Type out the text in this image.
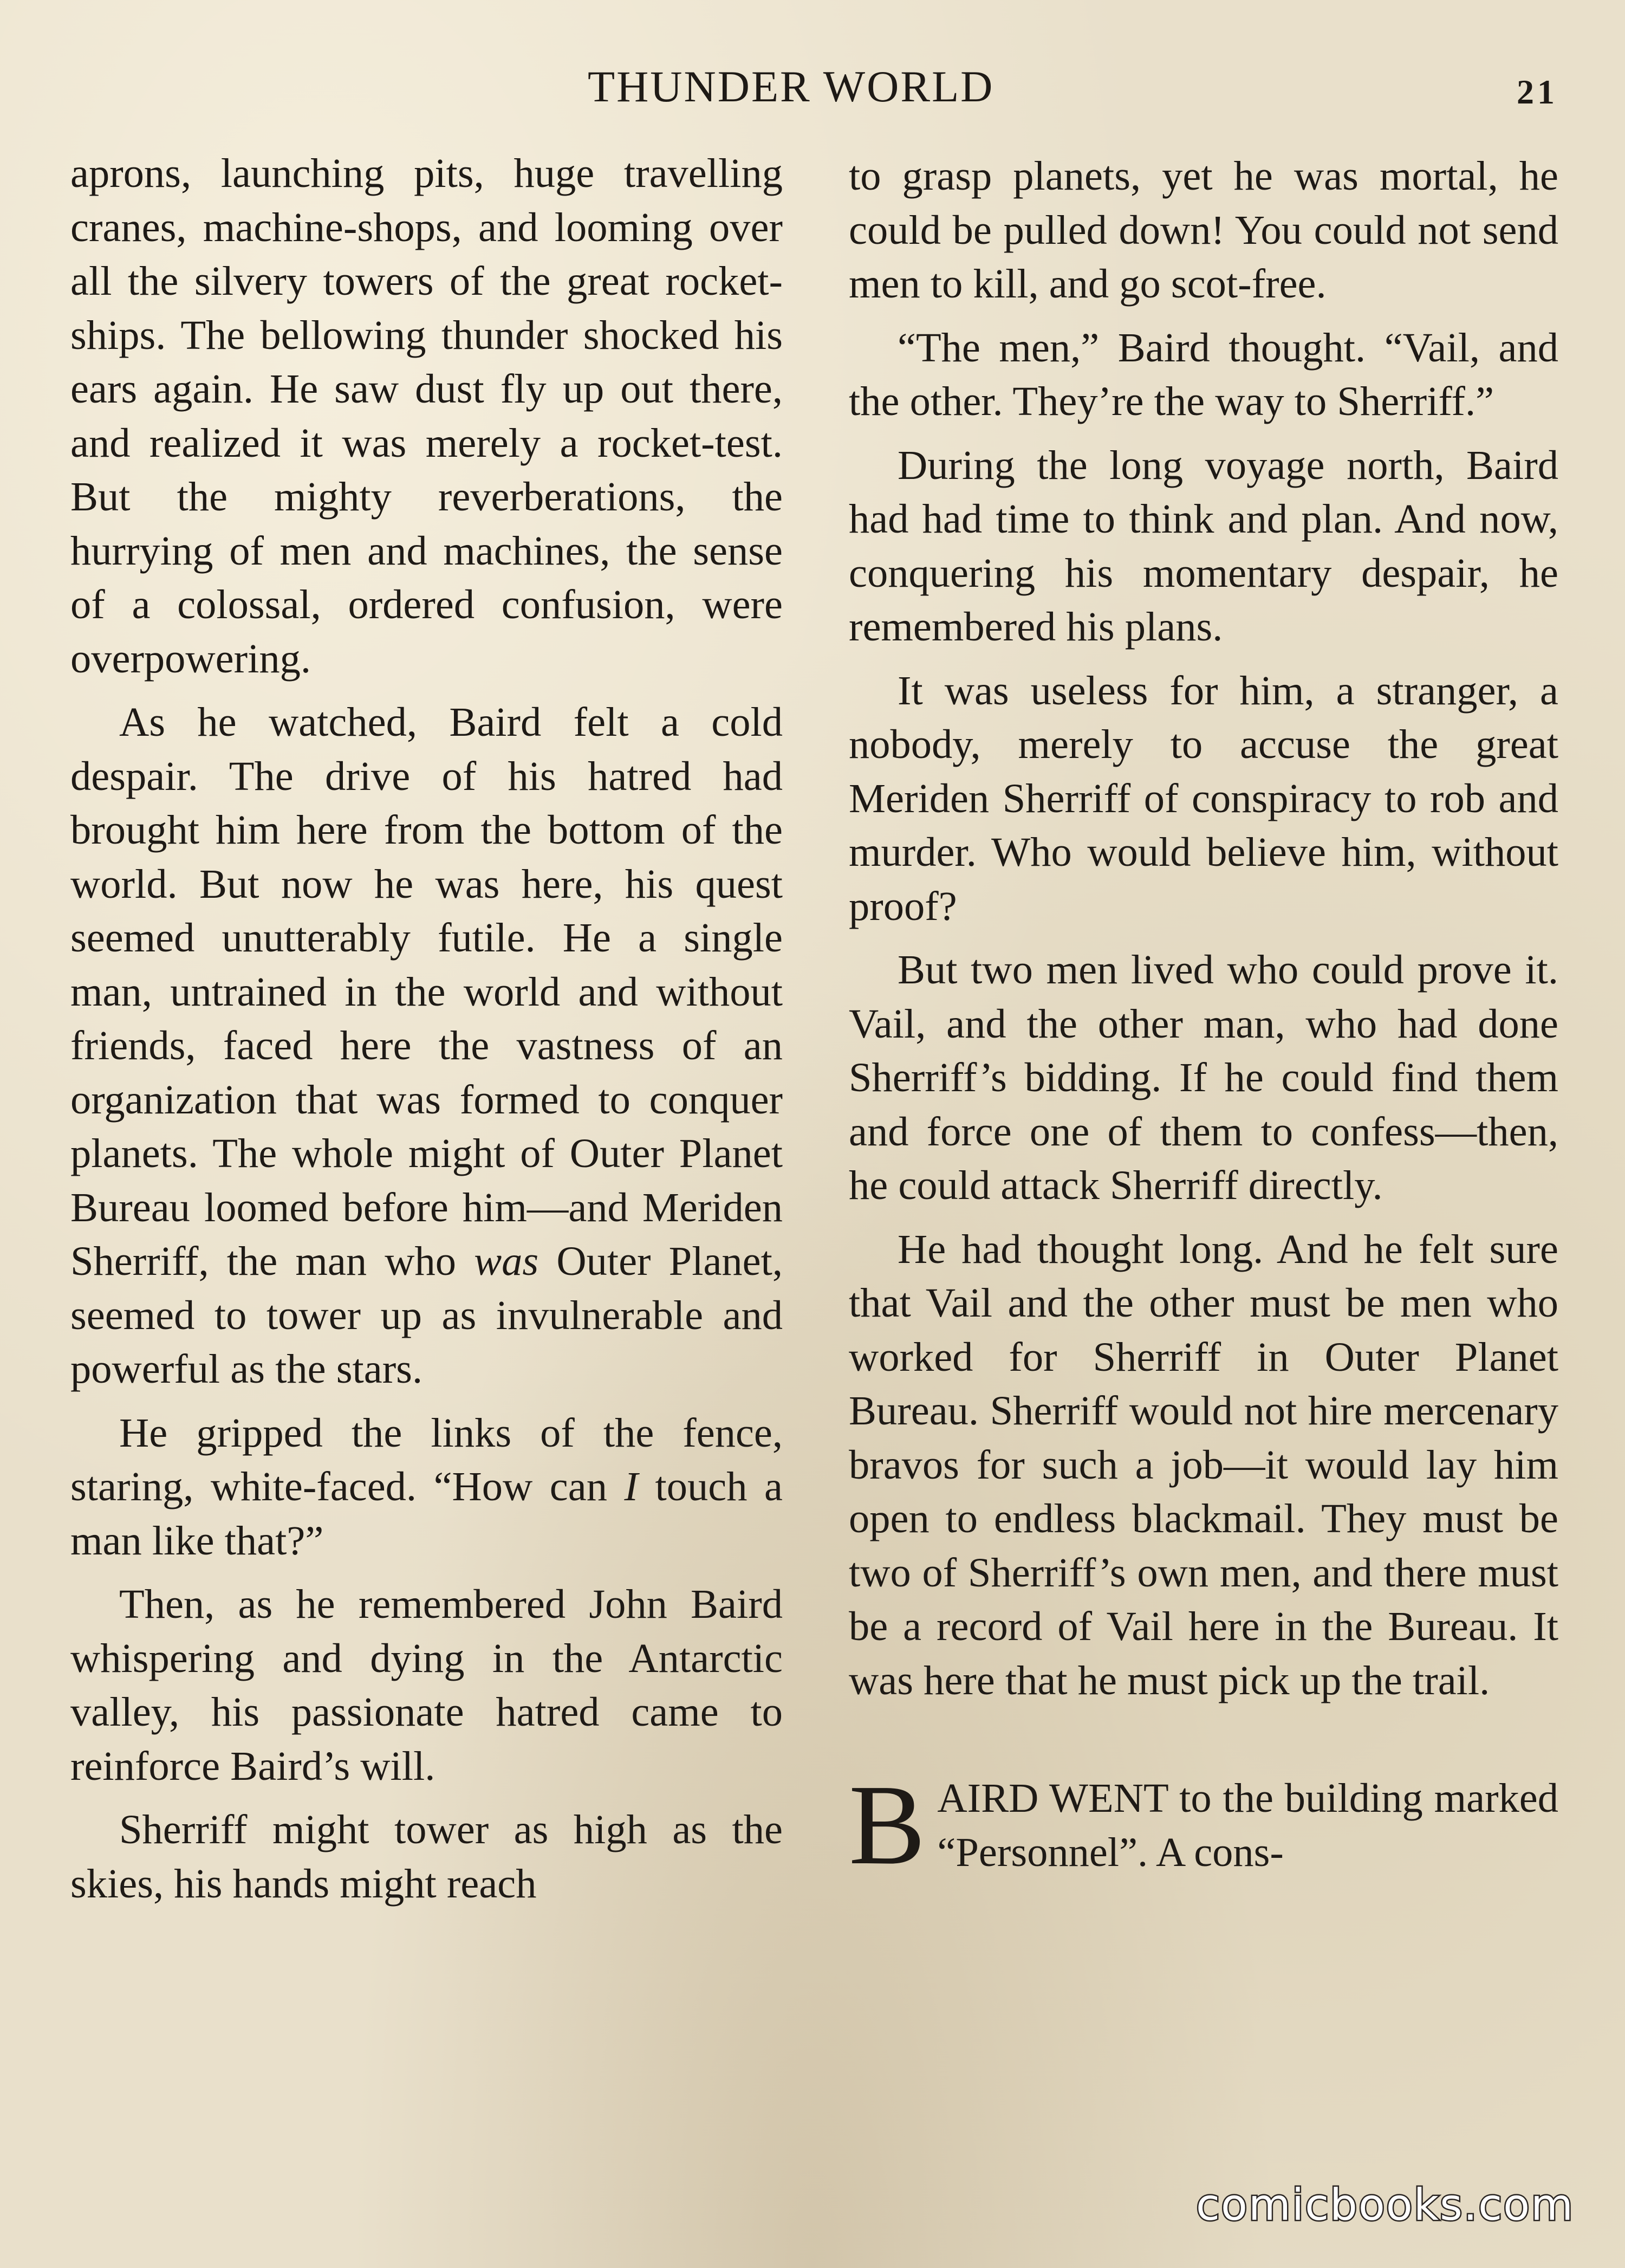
THUNDER WORLD	21

aprons, launching pits, huge travelling cranes, machine-shops, and looming over all the silvery towers of the great rocket-ships. The bellowing thunder shocked his ears again. He saw dust fly up out there, and realized it was merely a rocket-test. But the mighty reverberations, the hurrying of men and machines, the sense of a colossal, ordered confusion, were overpowering.

As he watched, Baird felt a cold despair. The drive of his hatred had brought him here from the bottom of the world. But now he was here, his quest seemed unutterably futile. He a single man, untrained in the world and without friends, faced here the vastness of an organization that was formed to conquer planets. The whole might of Outer Planet Bureau loomed before him—and Meriden Sherriff, the man who was Outer Planet, seemed to tower up as invulnerable and powerful as the stars.

He gripped the links of the fence, staring, white-faced. “How can I touch a man like that?”

Then, as he remembered John Baird whispering and dying in the Antarctic valley, his passionate hatred came to reinforce Baird’s will.

Sherriff might tower as high as the skies, his hands might reach

to grasp planets, yet he was mortal, he could be pulled down! You could not send men to kill, and go scot-free.

“The men,” Baird thought. “Vail, and the other. They’re the way to Sherriff.”

During the long voyage north, Baird had had time to think and plan. And now, conquering his momentary despair, he remembered his plans.

It was useless for him, a stranger, a nobody, merely to accuse the great Meriden Sherriff of conspiracy to rob and murder. Who would believe him, without proof?

But two men lived who could prove it. Vail, and the other man, who had done Sherriff’s bidding. If he could find them and force one of them to confess—then, he could attack Sherriff directly.

He had thought long. And he felt sure that Vail and the other must be men who worked for Sherriff in Outer Planet Bureau. Sherriff would not hire mercenary bravos for such a job—it would lay him open to endless blackmail. They must be two of Sherriff’s own men, and there must be a record of Vail here in the Bureau. It was here that he must pick up the trail.

BAIRD WENT to the building marked “Personnel”. A cons-

comicbooks.com
